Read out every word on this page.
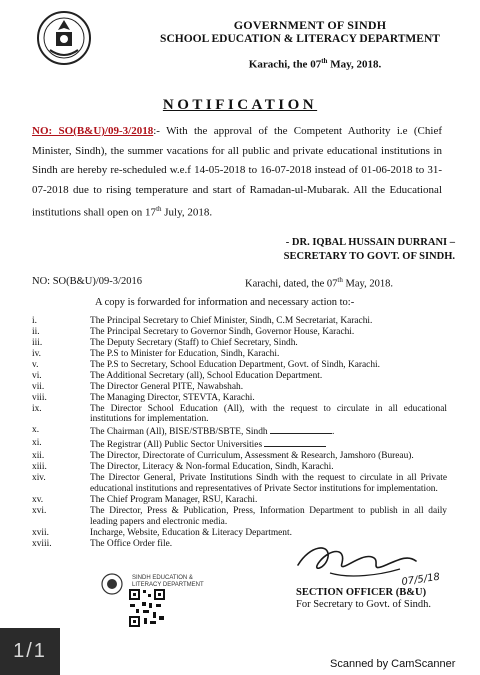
GOVERNMENT OF SINDH
SCHOOL EDUCATION & LITERACY DEPARTMENT
Karachi, the 07th May, 2018.
NOTIFICATION
NO: SO(B&U)/09-3/2018:- With the approval of the Competent Authority i.e (Chief Minister, Sindh), the summer vacations for all public and private educational institutions in Sindh are hereby re-scheduled w.e.f 14-05-2018 to 16-07-2018 instead of 01-06-2018 to 31-07-2018 due to rising temperature and start of Ramadan-ul-Mubarak. All the Educational institutions shall open on 17th July, 2018.
- DR. IQBAL HUSSAIN DURRANI –
SECRETARY TO GOVT. OF SINDH.
NO: SO(B&U)/09-3/2016	Karachi, dated, the 07th May, 2018.
A copy is forwarded for information and necessary action to:-
i.	The Principal Secretary to Chief Minister, Sindh, C.M Secretariat, Karachi.
ii.	The Principal Secretary to Governor Sindh, Governor House, Karachi.
iii.	The Deputy Secretary (Staff) to Chief Secretary, Sindh.
iv.	The P.S to Minister for Education, Sindh, Karachi.
v.	The P.S to Secretary, School Education Department, Govt. of Sindh, Karachi.
vi.	The Additional Secretary (all), School Education Department.
vii.	The Director General PITE, Nawabshah.
viii.	The Managing Director, STEVTA, Karachi.
ix.	The Director School Education (All), with the request to circulate in all educational institutions for implementation.
x.	The Chairman (All), BISE/STBB/SBTE, Sindh	.
xi.	The Registrar (All) Public Sector Universities
xii.	The Director, Directorate of Curriculum, Assessment & Research, Jamshoro (Bureau).
xiii.	The Director, Literacy & Non-formal Education, Sindh, Karachi.
xiv.	The Director General, Private Institutions Sindh with the request to circulate in all Private educational institutions and representatives of Private Sector institutions for implementation.
xv.	The Chief Program Manager, RSU, Karachi.
xvi.	The Director, Press & Publication, Press, Information Department to publish in all daily leading papers and electronic media.
xvii.	Incharge, Website, Education & Literacy Department.
xviii.	The Office Order file.
SINDH EDUCATION &
LITERACY DEPARTMENT	07/5/18
SECTION OFFICER (B&U)
For Secretary to Govt. of Sindh.
1/1
Scanned by CamScanner
